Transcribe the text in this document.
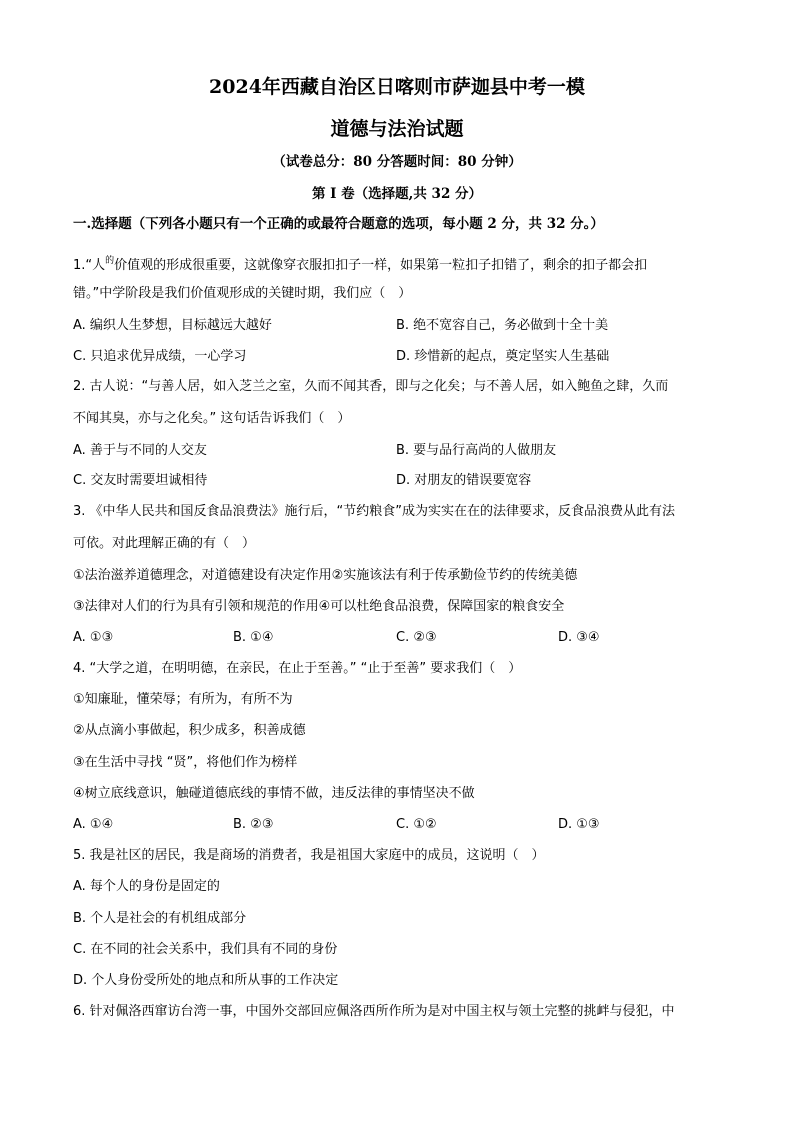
2024年西藏自治区日喀则市萨迦县中考一模
道德与法治试题
（试卷总分：80 分答题时间：80 分钟）
第 I 卷（选择题,共 32 分）
一.选择题（下列各小题只有一个正确的或最符合题意的选项，每小题 2 分，共 32 分。）
1.“人$^的$价值观的形成很重要，这就像穿衣服扣扣子一样，如果第一粒扣子扣错了，剩余的扣子都会扣
错。”中学阶段是我们价值观形成的关键时期，我们应（　）
A. 编织人生梦想，目标越远大越好	B. 绝不宽容自己，务必做到十全十美
C. 只追求优异成绩，一心学习	D. 珍惜新的起点，奠定坚实人生基础
2. 古人说：“与善人居，如入芝兰之室，久而不闻其香，即与之化矣；与不善人居，如入鲍鱼之肆，久而
不闻其臭，亦与之化矣。” 这句话告诉我们（　）
A. 善于与不同的人交友	B. 要与品行高尚的人做朋友
C. 交友时需要坦诚相待	D. 对朋友的错误要宽容
3. 《中华人民共和国反食品浪费法》施行后，“节约粮食”成为实实在在的法律要求，反食品浪费从此有法
可依。对此理解正确的有（　）
①法治滋养道德理念，对道德建设有决定作用②实施该法有利于传承勤俭节约的传统美德
③法律对人们的行为具有引领和规范的作用④可以杜绝食品浪费，保障国家的粮食安全
A. ①③	B. ①④	C. ②③	D. ③④
4. “大学之道，在明明德，在亲民，在止于至善。” “止于至善” 要求我们（　）
①知廉耻，懂荣辱；有所为，有所不为
②从点滴小事做起，积少成多，积善成德
③在生活中寻找 “贤”，将他们作为榜样
④树立底线意识，触碰道德底线的事情不做，违反法律的事情坚决不做
A. ①④	B. ②③	C. ①②	D. ①③
5. 我是社区的居民，我是商场的消费者，我是祖国大家庭中的成员，这说明（　）
A. 每个人的身份是固定的
B. 个人是社会的有机组成部分
C. 在不同的社会关系中，我们具有不同的身份
D. 个人身份受所处的地点和所从事的工作决定
6. 针对佩洛西窜访台湾一事，中国外交部回应佩洛西所作所为是对中国主权与领土完整的挑衅与侵犯，中
